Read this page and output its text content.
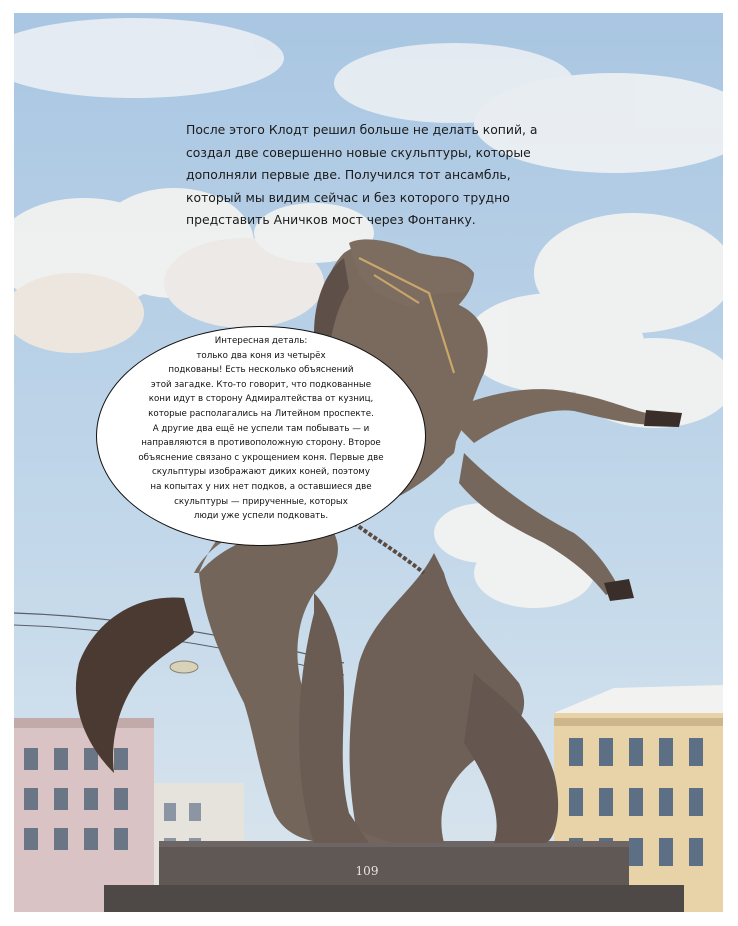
После этого Клодт решил больше не делать копий, а
создал две совершенно новые скульптуры, которые
дополняли первые две. Получился тот ансамбль,
который мы видим сейчас и без которого трудно
представить Аничков мост через Фонтанку.

Интересная деталь:
только два коня из четырёх
подкованы! Есть несколько объяснений
этой загадке. Кто-то говорит, что подкованные
кони идут в сторону Адмиралтейства от кузниц,
которые располагались на Литейном проспекте.
А другие два ещё не успели там побывать — и
направляются в противоположную сторону. Второе
объяснение связано с укрощением коня. Первые две
скульптуры изображают диких коней, поэтому
на копытах у них нет подков, а оставшиеся две
скульптуры — прирученные, которых
люди уже успели подковать.

109
